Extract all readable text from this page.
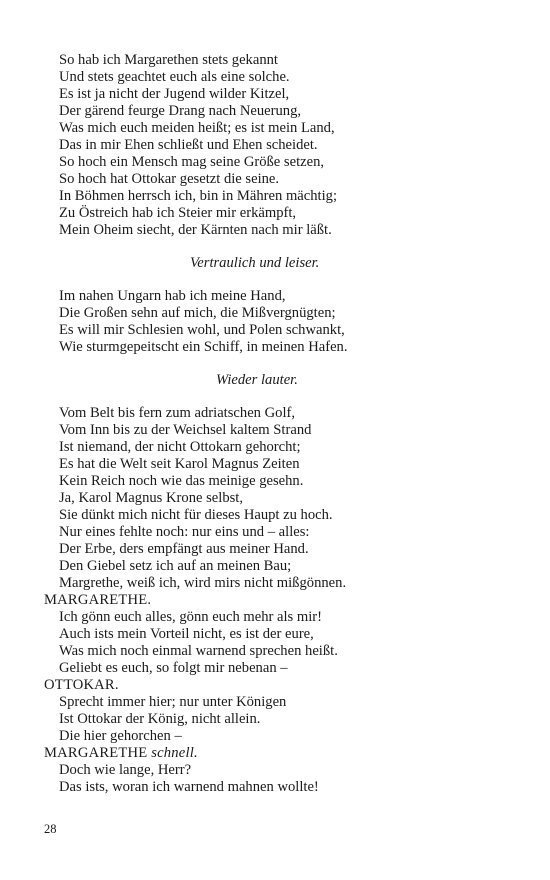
So hab ich Margarethen stets gekannt
Und stets geachtet euch als eine solche.
Es ist ja nicht der Jugend wilder Kitzel,
Der gärend feurge Drang nach Neuerung,
Was mich euch meiden heißt; es ist mein Land,
Das in mir Ehen schließt und Ehen scheidet.
So hoch ein Mensch mag seine Größe setzen,
So hoch hat Ottokar gesetzt die seine.
In Böhmen herrsch ich, bin in Mähren mächtig;
Zu Östreich hab ich Steier mir erkämpft,
Mein Oheim siecht, der Kärnten nach mir läßt.
Vertraulich und leiser.
Im nahen Ungarn hab ich meine Hand,
Die Großen sehn auf mich, die Mißvergnügten;
Es will mir Schlesien wohl, und Polen schwankt,
Wie sturmgepeitscht ein Schiff, in meinen Hafen.
Wieder lauter.
Vom Belt bis fern zum adriatschen Golf,
Vom Inn bis zu der Weichsel kaltem Strand
Ist niemand, der nicht Ottokarn gehorcht;
Es hat die Welt seit Karol Magnus Zeiten
Kein Reich noch wie das meinige gesehn.
Ja, Karol Magnus Krone selbst,
Sie dünkt mich nicht für dieses Haupt zu hoch.
Nur eines fehlte noch: nur eins und – alles:
Der Erbe, ders empfängt aus meiner Hand.
Den Giebel setz ich auf an meinen Bau;
Margrethe, weiß ich, wird mirs nicht mißgönnen.
MARGARETHE.
Ich gönn euch alles, gönn euch mehr als mir!
Auch ists mein Vorteil nicht, es ist der eure,
Was mich noch einmal warnend sprechen heißt.
Geliebt es euch, so folgt mir nebenan –
OTTOKAR.
Sprecht immer hier; nur unter Königen
Ist Ottokar der König, nicht allein.
Die hier gehorchen –
MARGARETHE schnell.
Doch wie lange, Herr?
Das ists, woran ich warnend mahnen wollte!
28
